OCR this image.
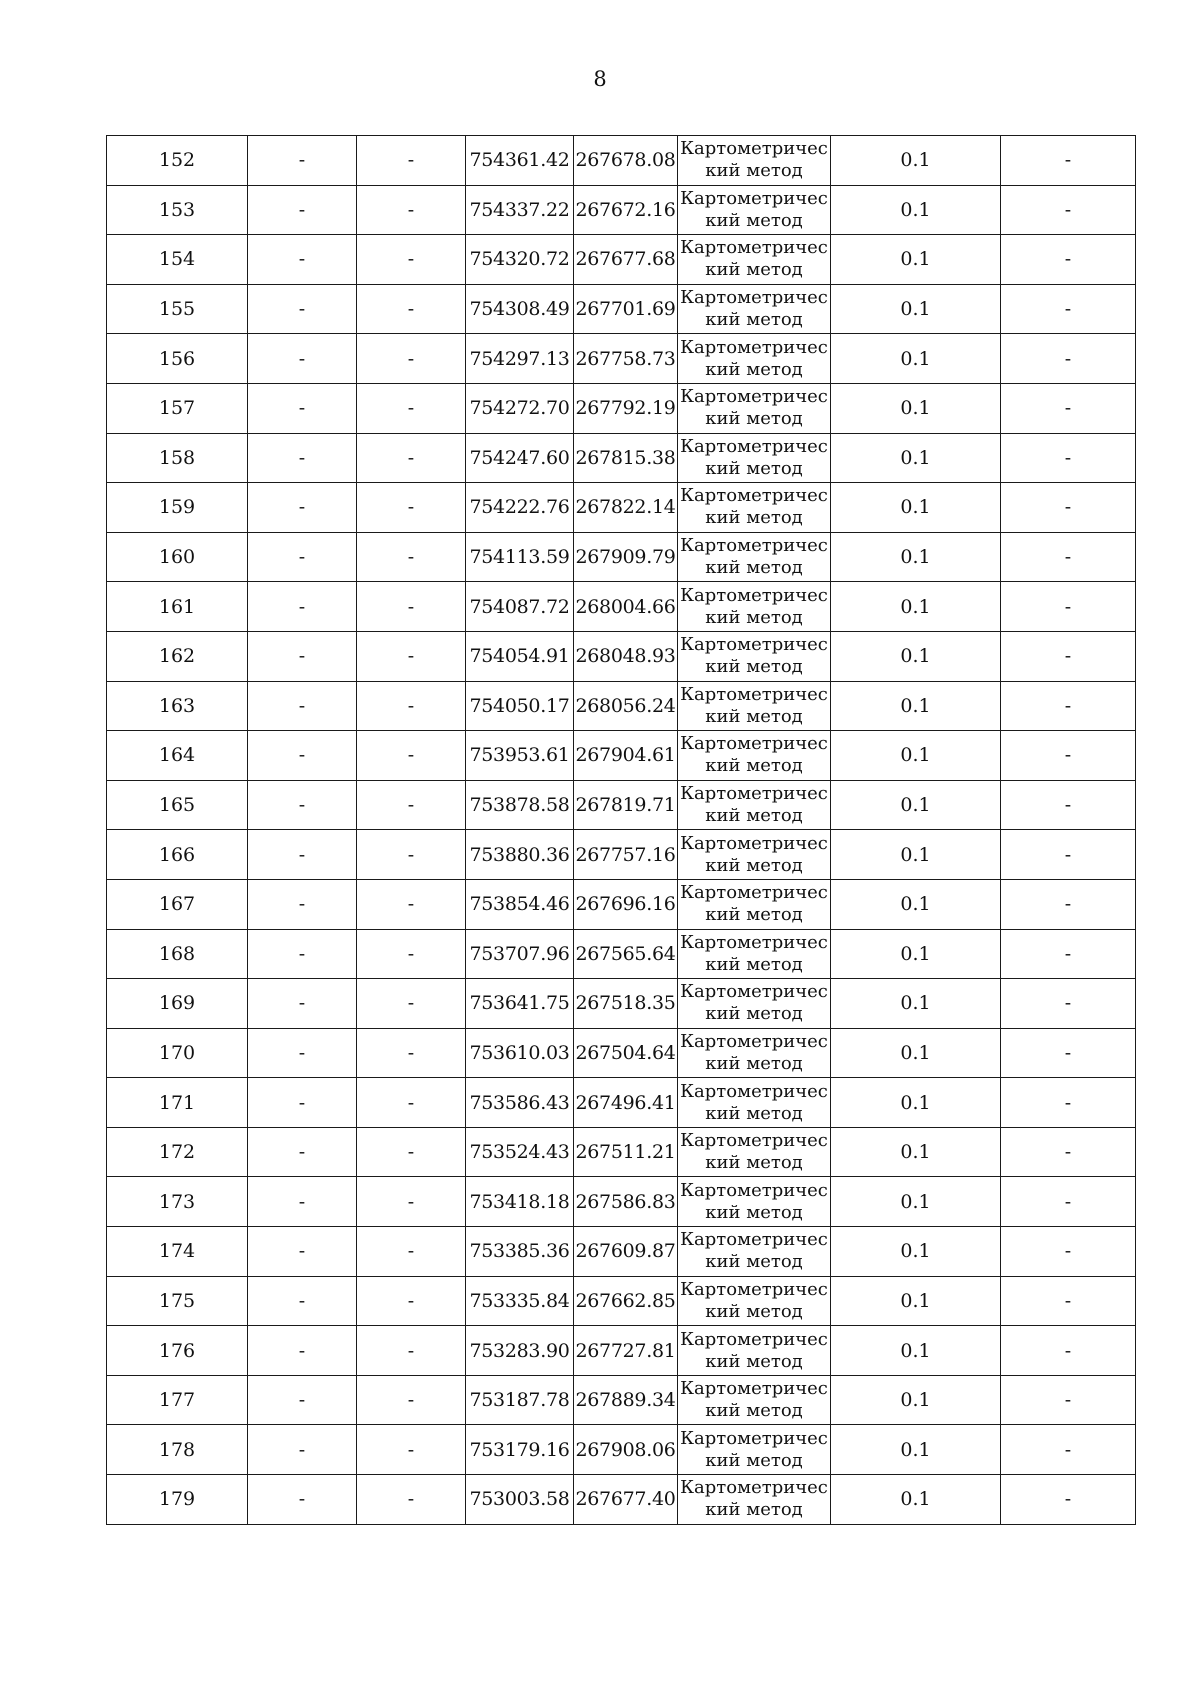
8
152	-	-	754361.42	267678.08	Картометрический метод	0.1	-
153	-	-	754337.22	267672.16	Картометрический метод	0.1	-
154	-	-	754320.72	267677.68	Картометрический метод	0.1	-
155	-	-	754308.49	267701.69	Картометрический метод	0.1	-
156	-	-	754297.13	267758.73	Картометрический метод	0.1	-
157	-	-	754272.70	267792.19	Картометрический метод	0.1	-
158	-	-	754247.60	267815.38	Картометрический метод	0.1	-
159	-	-	754222.76	267822.14	Картометрический метод	0.1	-
160	-	-	754113.59	267909.79	Картометрический метод	0.1	-
161	-	-	754087.72	268004.66	Картометрический метод	0.1	-
162	-	-	754054.91	268048.93	Картометрический метод	0.1	-
163	-	-	754050.17	268056.24	Картометрический метод	0.1	-
164	-	-	753953.61	267904.61	Картометрический метод	0.1	-
165	-	-	753878.58	267819.71	Картометрический метод	0.1	-
166	-	-	753880.36	267757.16	Картометрический метод	0.1	-
167	-	-	753854.46	267696.16	Картометрический метод	0.1	-
168	-	-	753707.96	267565.64	Картометрический метод	0.1	-
169	-	-	753641.75	267518.35	Картометрический метод	0.1	-
170	-	-	753610.03	267504.64	Картометрический метод	0.1	-
171	-	-	753586.43	267496.41	Картометрический метод	0.1	-
172	-	-	753524.43	267511.21	Картометрический метод	0.1	-
173	-	-	753418.18	267586.83	Картометрический метод	0.1	-
174	-	-	753385.36	267609.87	Картометрический метод	0.1	-
175	-	-	753335.84	267662.85	Картометрический метод	0.1	-
176	-	-	753283.90	267727.81	Картометрический метод	0.1	-
177	-	-	753187.78	267889.34	Картометрический метод	0.1	-
178	-	-	753179.16	267908.06	Картометрический метод	0.1	-
179	-	-	753003.58	267677.40	Картометрический метод	0.1	-
